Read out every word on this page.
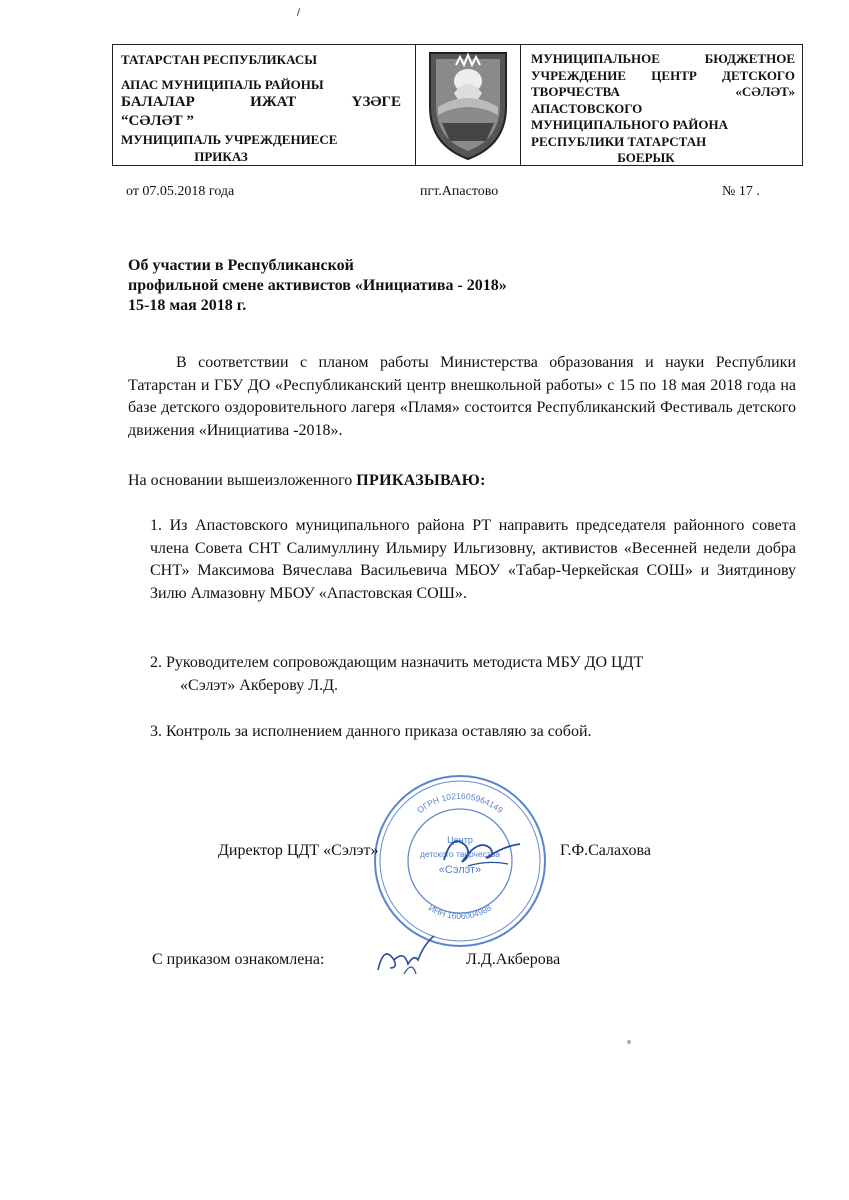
ТАТАРСТАН РЕСПУБЛИКАСЫ
АПАС МУНИЦИПАЛЬ РАЙОНЫ
БАЛАЛАР	ИЖАТ	ҮЗӘГЕ
“СӘЛӘТ ”
МУНИЦИПАЛЬ УЧРЕЖДЕНИЕСЕ
ПРИКАЗ
МУНИЦИПАЛЬНОЕ	БЮДЖЕТНОЕ
УЧРЕЖДЕНИЕ ЦЕНТР ДЕТСКОГО
ТВОРЧЕСТВА	«СӘЛӘТ»
АПАСТОВСКОГО
МУНИЦИПАЛЬНОГО РАЙОНА
РЕСПУБЛИКИ ТАТАРСТАН
БОЕРЫК
от 07.05.2018 года	пгт.Апастово	№ 17 .
Об участии в Республиканской
профильной смене активистов «Инициатива - 2018»
15-18 мая 2018 г.
В соответствии с планом работы Министерства образования и науки Республики Татарстан и ГБУ ДО «Республиканский центр внешкольной работы» с 15 по 18 мая 2018 года на базе детского оздоровительного лагеря «Пламя» состоится Республиканский Фестиваль детского движения «Инициатива -2018».
На основании вышеизложенного ПРИКАЗЫВАЮ:
1. Из Апастовского муниципального района РТ направить председателя районного совета члена Совета СНТ Салимуллину Ильмиру Ильгизовну, активистов «Весенней недели добра СНТ» Максимова Вячеслава Васильевича МБОУ «Табар-Черкейская СОШ» и Зиятдинову Зилю Алмазовну МБОУ «Апастовская СОШ».
2. Руководителем сопровождающим назначить методиста МБУ ДО ЦДТ
«Сэлэт» Акберову Л.Д.
3. Контроль за исполнением данного приказа оставляю за собой.
ОГРН 1021605964149
ИНН 1606004988
Центр
детского творчества
«Сэлэт»
Директор ЦДТ «Сэлэт»	Г.Ф.Салахова
С приказом ознакомлена:	Л.Д.Акберова
